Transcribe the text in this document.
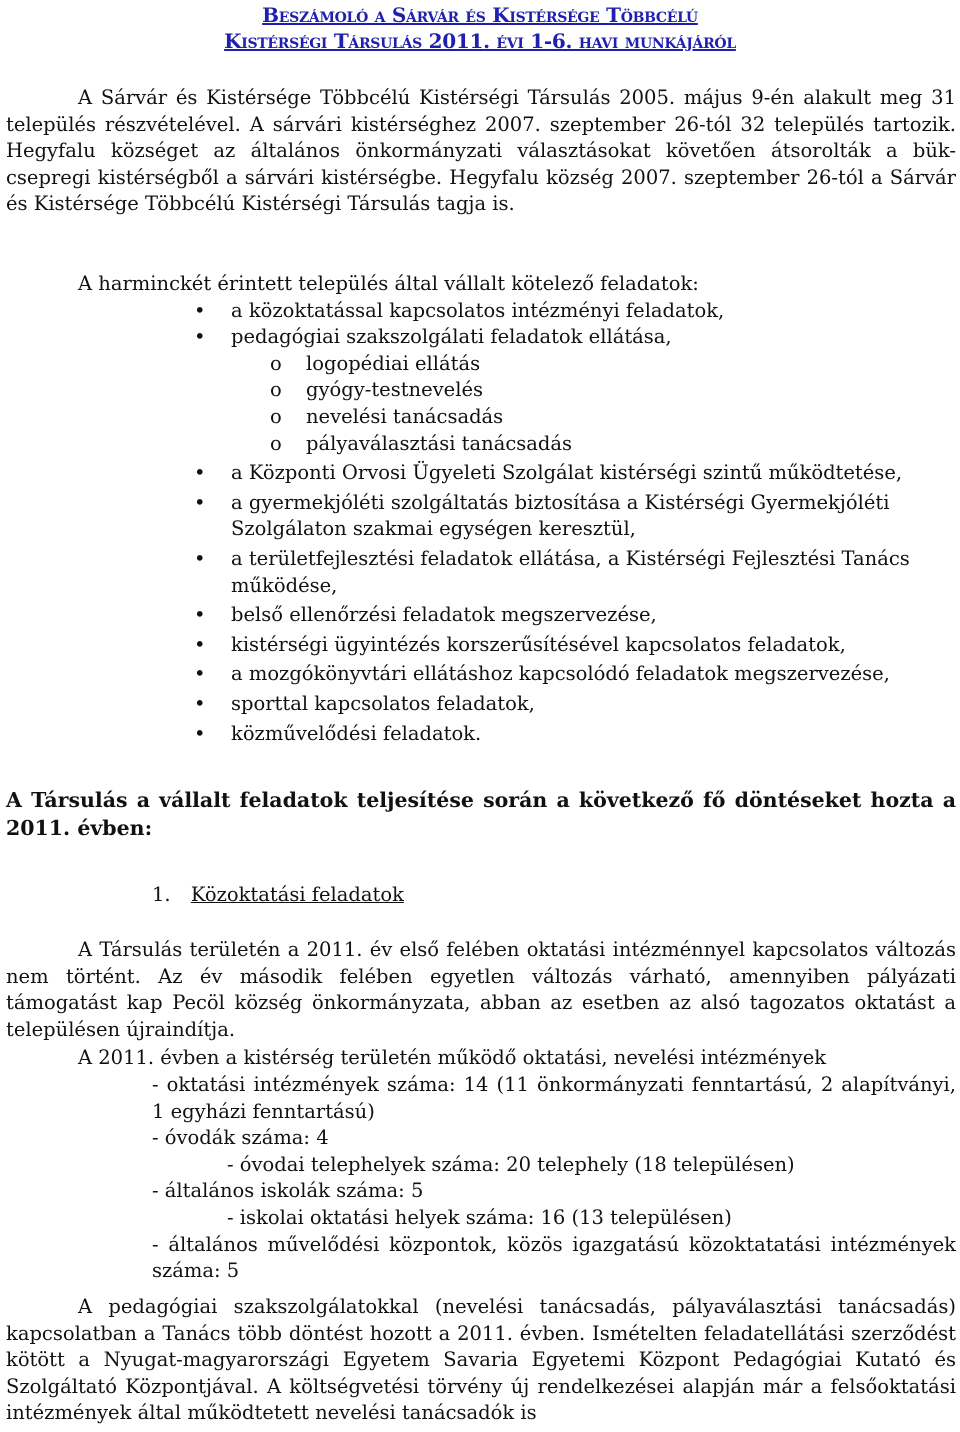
Beszámoló a Sárvár és Kistérsége Többcélú
Kistérségi Társulás 2011. évi 1-6. havi munkájáról

A Sárvár és Kistérsége Többcélú Kistérségi Társulás 2005. május 9-én alakult meg 31 település részvételével. A sárvári kistérséghez 2007. szeptember 26-tól 32 település tartozik. Hegyfalu községet az általános önkormányzati választásokat követően átsorolták a bük-csepregi kistérségből a sárvári kistérségbe. Hegyfalu község 2007. szeptember 26-tól a Sárvár és Kistérsége Többcélú Kistérségi Társulás tagja is.

A harminckét érintett település által vállalt kötelező feladatok:

• a közoktatással kapcsolatos intézményi feladatok,
• pedagógiai szakszolgálati feladatok ellátása,
o logopédiai ellátás
o gyógy-testnevelés
o nevelési tanácsadás
o pályaválasztási tanácsadás
• a Központi Orvosi Ügyeleti Szolgálat kistérségi szintű működtetése,
• a gyermekjóléti szolgáltatás biztosítása a Kistérségi Gyermekjóléti Szolgálaton szakmai egységen keresztül,
• a területfejlesztési feladatok ellátása, a Kistérségi Fejlesztési Tanács működése,
• belső ellenőrzési feladatok megszervezése,
• kistérségi ügyintézés korszerűsítésével kapcsolatos feladatok,
• a mozgókönyvtári ellátáshoz kapcsolódó feladatok megszervezése,
• sporttal kapcsolatos feladatok,
• közművelődési feladatok.

A Társulás a vállalt feladatok teljesítése során a következő fő döntéseket hozta a 2011. évben:

1. Közoktatási feladatok

A Társulás területén a 2011. év első felében oktatási intézménnyel kapcsolatos változás nem történt. Az év második felében egyetlen változás várható, amennyiben pályázati támogatást kap Pecöl község önkormányzata, abban az esetben az alsó tagozatos oktatást a településen újraindítja.

A 2011. évben a kistérség területén működő oktatási, nevelési intézmények

- oktatási intézmények száma: 14 (11 önkormányzati fenntartású, 2 alapítványi, 1 egyházi fenntartású)

- óvodák száma: 4

- óvodai telephelyek száma: 20 telephely (18 településen)

- általános iskolák száma: 5

- iskolai oktatási helyek száma: 16 (13 településen)

- általános művelődési központok, közös igazgatású közoktatatási intézmények száma: 5

A pedagógiai szakszolgálatokkal (nevelési tanácsadás, pályaválasztási tanácsadás) kapcsolatban a Tanács több döntést hozott a 2011. évben. Ismételten feladatellátási szerződést kötött a Nyugat-magyarországi Egyetem Savaria Egyetemi Központ Pedagógiai Kutató és Szolgáltató Központjával. A költségvetési törvény új rendelkezései alapján már a felsőoktatási intézmények által működtetett nevelési tanácsadók is
